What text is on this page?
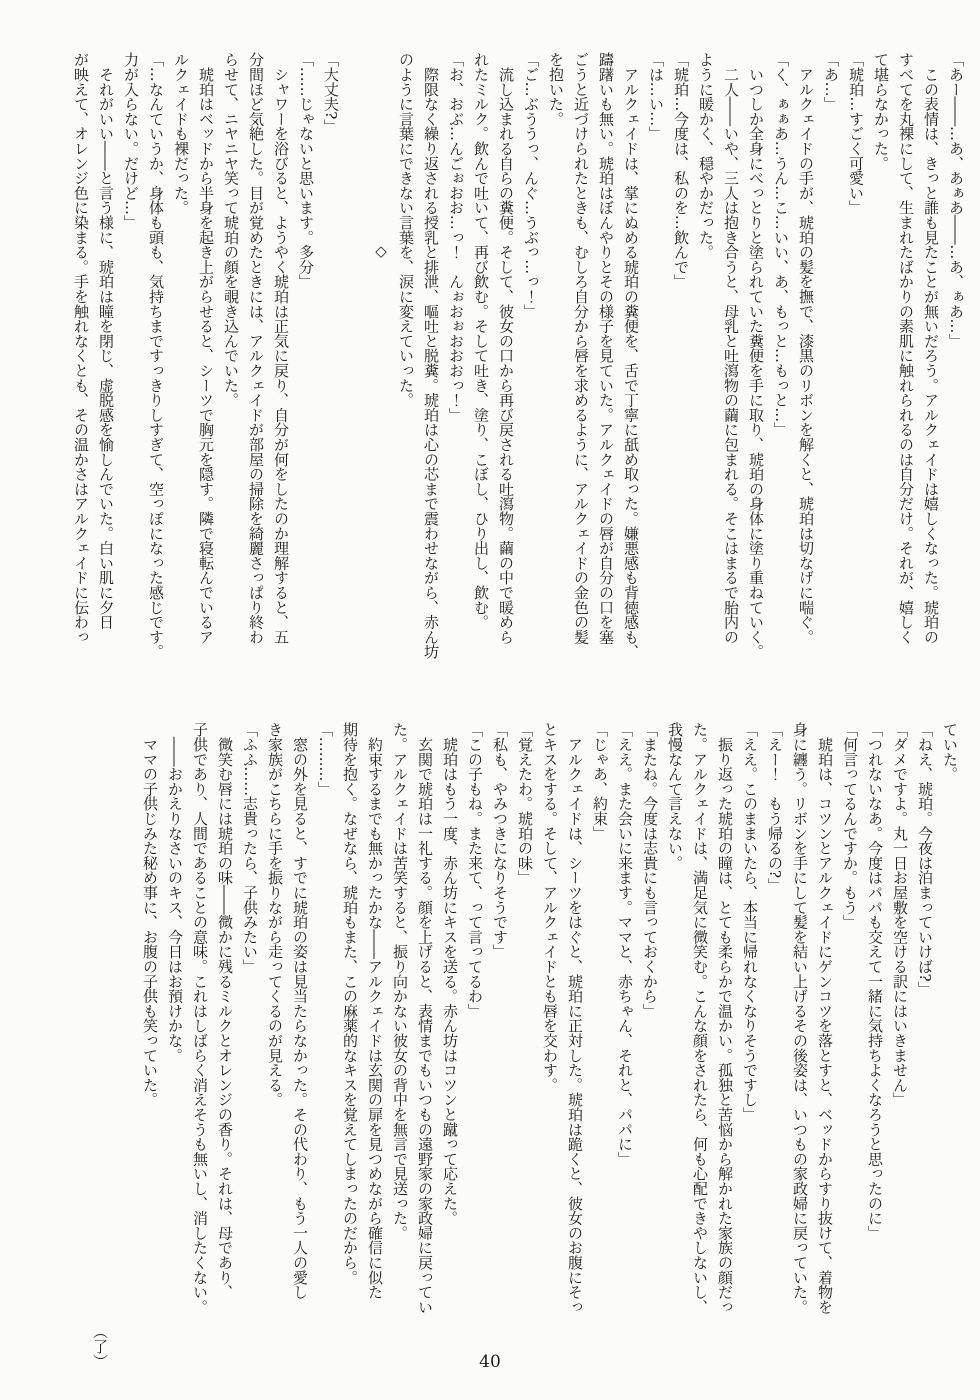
「あー――…あ、あぁあ――…あ、ぁあ…」
　この表情は、きっと誰も見たことが無いだろう。アルクェイドは嬉しくなった。琥珀の
すべてを丸裸にして、生まれたばかりの素肌に触れられるのは自分だけ。それが、嬉しく
て堪らなかった。
「琥珀…すごく可愛い」
「あ…」
　アルクェイドの手が、琥珀の髪を撫で、漆黒のリボンを解くと、琥珀は切なげに喘ぐ。
「く、ぁぁあ…うん…こ…いい、あ、もっと…もっと…」
　いつしか全身にべっとりと塗られていた糞便を手に取り、琥珀の身体に塗り重ねていく。
　二人――いや、三人は抱き合うと、母乳と吐瀉物の繭に包まれる。そこはまるで胎内の
ように暖かく、穏やかだった。
「琥珀…今度は、私のを…飲んで」
「は…い…」
　アルクェイドは、掌にぬめる琥珀の糞便を、舌で丁寧に舐め取った。嫌悪感も背徳感も、
躊躇いも無い。琥珀はぼんやりとその様子を見ていた。アルクェイドの唇が自分の口を塞
ごうと近づけられたときも、むしろ自分から唇を求めるように、アルクェイドの金色の髪
を抱いた。
「ご…ぶううっ、んぐ…うぶっ…っ！」
　流し込まれる自らの糞便。そして、彼女の口から再び戻される吐瀉物。繭の中で暖めら
れたミルク。飲んで吐いて、再び飲む。そして吐き、塗り、こぼし、ひり出し、飲む。
「お、おぶ…んごぉおお…っ！　んぉおぉおおおっ！」
　際限なく繰り返される授乳と排泄、嘔吐と脱糞。琥珀は心の芯まで震わせながら、赤ん坊
のように言葉にできない言葉を、涙に変えていった。
◇
「大丈夫?」
「……じゃないと思います。多分」
　シャワーを浴びると、ようやく琥珀は正気に戻り、自分が何をしたのか理解すると、五
分間ほど気絶した。目が覚めたときには、アルクェイドが部屋の掃除を綺麗さっぱり終わ
らせて、ニヤニヤ笑って琥珀の顔を覗き込んでいた。
　琥珀はベッドから半身を起き上がらせると、シーツで胸元を隠す。隣で寝転んでいるア
ルクェイドも裸だった。
「…なんていうか、身体も頭も、気持ちまですっきりしすぎて、空っぽになった感じです。
力が入らない。だけど…」
　それがいい――と言う様に、琥珀は瞳を閉じ、虚脱感を愉しんでいた。白い肌に夕日
が映えて、オレンジ色に染まる。手を触れなくとも、その温かさはアルクェイドに伝わっ
ていた。
「ねえ、琥珀。今夜は泊まっていけば?」
「ダメですよ。丸一日お屋敷を空ける訳にはいきません」
「つれないなあ。今度はパパも交えて一緒に気持ちよくなろうと思ったのに」
「何言ってるんですか。もう」
　琥珀は、コツンとアルクェイドにゲンコツを落とすと、ベッドからすり抜けて、着物を
身に纏う。リボンを手にして髪を結い上げるその後姿は、いつもの家政婦に戻っていた。
「えー！　もう帰るの?」
「ええ。このままいたら、本当に帰れなくなりそうですし」
　振り返った琥珀の瞳は、とても柔らかで温かい。孤独と苦悩から解かれた家族の顔だっ
た。アルクェイドは、満足気に微笑む。こんな顔をされたら、何も心配できやしないし、
我慢なんて言えない。
「またね。今度は志貴にも言っておくから」
「ええ。また会いに来ます。ママと、赤ちゃん、それと、パパに」
「じゃあ、約束」
　アルクェイドは、シーツをはぐと、琥珀に正対した。琥珀は跪くと、彼女のお腹にそっ
とキスをする。そして、アルクェイドとも唇を交わす。
「覚えたわ。琥珀の味」
「私も、やみつきになりそうです」
「この子もね。また来て、って言ってるわ」
　琥珀はもう一度、赤ん坊にキスを送る。赤ん坊はコツンと蹴って応えた。
　玄関で琥珀は一礼する。顔を上げると、表情までもいつもの遠野家の家政婦に戻ってい
た。アルクェイドは苦笑すると、振り向かない彼女の背中を無言で見送った。
　約束するまでも無かったかな――アルクェイドは玄関の扉を見つめながら確信に似た
期待を抱く。なぜなら、琥珀もまた、この麻薬的なキスを覚えてしまったのだから。
「………」
　窓の外を見ると、すでに琥珀の姿は見当たらなかった。その代わり、もう一人の愛し
き家族がこちらに手を振りながら走ってくるのが見える。
「ふふ……志貴ったら、子供みたい」
　微笑む唇には琥珀の味――微かに残るミルクとオレンジの香り。それは、母であり、
子供であり、人間であることの意味。これはしばらく消えそうも無いし、消したくない。
　――おかえりなさいのキス、今日はお預けかな。
　ママの子供じみた秘め事に、お腹の子供も笑っていた。
（了）	40
